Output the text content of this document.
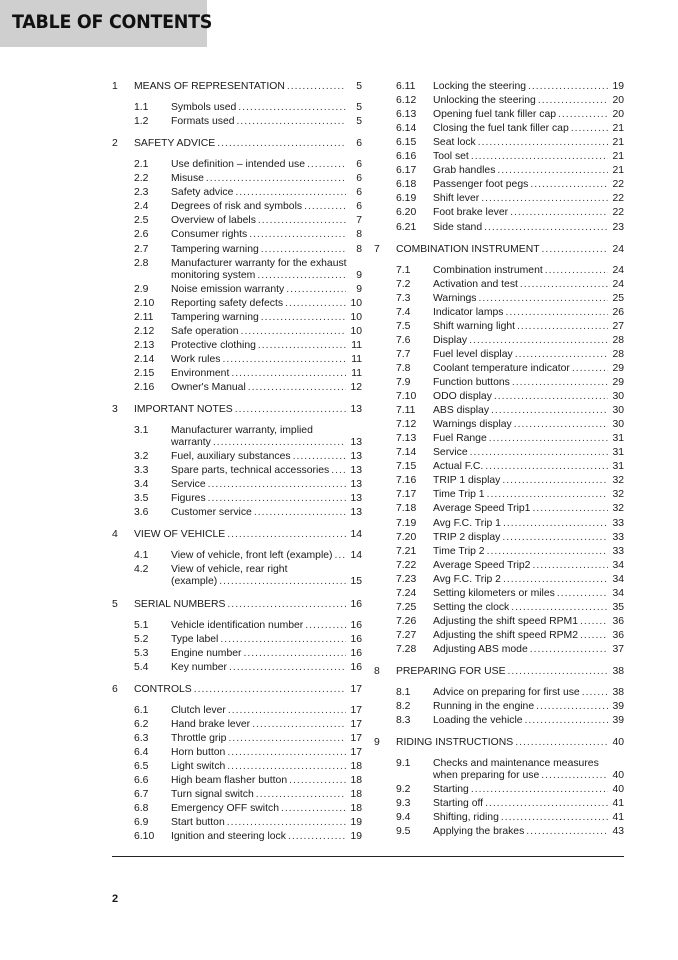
TABLE OF CONTENTS
1 MEANS OF REPRESENTATION .....	5
1.1 Symbols used .....	5
1.2 Formats used .....	5
2 SAFETY ADVICE .....	6
2.1 Use definition – intended use .....	6
2.2 Misuse .....	6
2.3 Safety advice .....	6
2.4 Degrees of risk and symbols .....	6
2.5 Overview of labels .....	7
2.6 Consumer rights .....	8
2.7 Tampering warning .....	8
2.8 Manufacturer warranty for the exhaust
monitoring system .....	9
2.9 Noise emission warranty .....	9
2.10 Reporting safety defects .....	10
2.11 Tampering warning .....	10
2.12 Safe operation .....	10
2.13 Protective clothing .....	11
2.14 Work rules .....	11
2.15 Environment .....	11
2.16 Owner's Manual .....	12
3 IMPORTANT NOTES .....	13
3.1 Manufacturer warranty, implied
warranty .....	13
3.2 Fuel, auxiliary substances .....	13
3.3 Spare parts, technical accessories ..... 13
3.4 Service .....	13
3.5 Figures .....	13
3.6 Customer service .....	13
4 VIEW OF VEHICLE .....	14
4.1 View of vehicle, front left (example) ..... 14
4.2 View of vehicle, rear right
(example) .....	15
5 SERIAL NUMBERS .....	16
5.1 Vehicle identification number .....	16
5.2 Type label .....	16
5.3 Engine number .....	16
5.4 Key number .....	16
6 CONTROLS .....	17
6.1 Clutch lever .....	17
6.2 Hand brake lever .....	17
6.3 Throttle grip .....	17
6.4 Horn button .....	17
6.5 Light switch .....	18
6.6 High beam flasher button .....	18
6.7 Turn signal switch .....	18
6.8 Emergency OFF switch .....	18
6.9 Start button .....	19
6.10 Ignition and steering lock .....	19
6.11 Locking the steering .....	19
6.12 Unlocking the steering .....	20
6.13 Opening fuel tank filler cap .....	20
6.14 Closing the fuel tank filler cap .....	21
6.15 Seat lock .....	21
6.16 Tool set .....	21
6.17 Grab handles .....	21
6.18 Passenger foot pegs .....	22
6.19 Shift lever .....	22
6.20 Foot brake lever .....	22
6.21 Side stand .....	23
7 COMBINATION INSTRUMENT .....	24
7.1 Combination instrument .....	24
7.2 Activation and test .....	24
7.3 Warnings .....	25
7.4 Indicator lamps .....	26
7.5 Shift warning light .....	27
7.6 Display .....	28
7.7 Fuel level display .....	28
7.8 Coolant temperature indicator .....	29
7.9 Function buttons .....	29
7.10 ODO display .....	30
7.11 ABS display .....	30
7.12 Warnings display .....	30
7.13 Fuel Range .....	31
7.14 Service .....	31
7.15 Actual F.C. .....	31
7.16 TRIP 1 display .....	32
7.17 Time Trip 1 .....	32
7.18 Average Speed Trip1 .....	32
7.19 Avg F.C. Trip 1 .....	33
7.20 TRIP 2 display .....	33
7.21 Time Trip 2 .....	33
7.22 Average Speed Trip2 .....	34
7.23 Avg F.C. Trip 2 .....	34
7.24 Setting kilometers or miles .....	34
7.25 Setting the clock .....	35
7.26 Adjusting the shift speed RPM1 .....	36
7.27 Adjusting the shift speed RPM2 .....	36
7.28 Adjusting ABS mode .....	37
8 PREPARING FOR USE .....	38
8.1 Advice on preparing for first use .....	38
8.2 Running in the engine .....	39
8.3 Loading the vehicle .....	39
9 RIDING INSTRUCTIONS .....	40
9.1 Checks and maintenance measures
when preparing for use .....	40
9.2 Starting .....	40
9.3 Starting off .....	41
9.4 Shifting, riding .....	41
9.5 Applying the brakes .....	43
2
